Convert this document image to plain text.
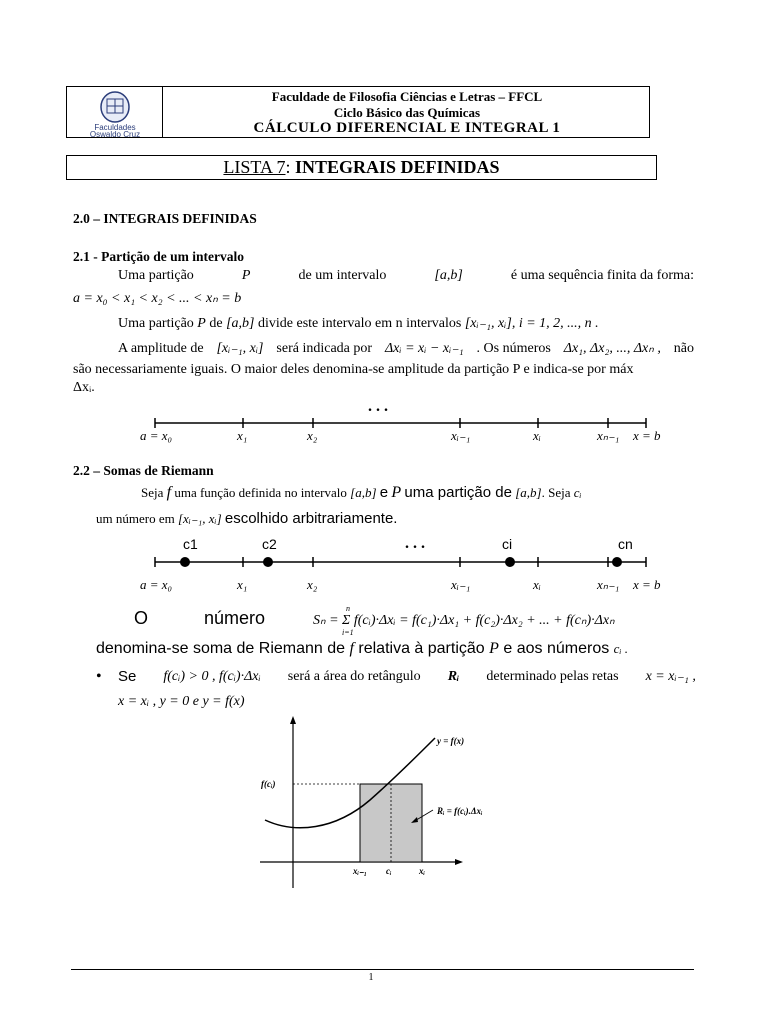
Faculdades
Oswaldo Cruz
Faculdade de Filosofia Ciências e Letras – FFCL
Ciclo Básico das Químicas
CÁLCULO DIFERENCIAL E INTEGRAL 1
LISTA 7: INTEGRAIS DEFINIDAS
2.0 – INTEGRAIS DEFINIDAS
2.1 - Partição de um intervalo
Uma partição	P	de um intervalo	[a,b]	é uma sequência finita da forma:
a = x₀ < x₁ < x₂ < ... < xₙ = b
Uma partição P de [a,b] divide este intervalo em n intervalos [xᵢ₋₁, xᵢ], i = 1, 2, ..., n .
A amplitude de [xᵢ₋₁, xᵢ] será indicada por Δxᵢ = xᵢ − xᵢ₋₁ . Os números Δx₁, Δx₂, ..., Δxₙ , não
são necessariamente iguais. O maior deles denomina-se amplitude da partição P e indica-se por máx
Δxᵢ.
. . .
a = x₀	x₁	x₂	xᵢ₋₁	xᵢ	xₙ₋₁ x = b
2.2 – Somas de Riemann
Seja f uma função definida no intervalo [a,b] e P uma partição de [a,b]. Seja cᵢ
um número em [xᵢ₋₁, xᵢ] escolhido arbitrariamente.
c1	c2	. . .	ci	cn
a = x₀	x₁	x₂	xᵢ₋₁	xᵢ	xₙ₋₁ x = b
O	número	n
i=1
Sₙ = Σ f(cᵢ)·Δxᵢ = f(c₁)·Δx₁ + f(c₂)·Δx₂ + ... + f(cₙ)·Δxₙ
denomina-se soma de Riemann de f relativa à partição P e aos números cᵢ .
• Se f(cᵢ) > 0 , f(cᵢ)·Δxᵢ será a área do retângulo Rᵢ determinado pelas retas x = xᵢ₋₁ ,
x = xᵢ , y = 0 e y = f(x)
y = f(x)
f(cᵢ)
Rᵢ = f(cᵢ).Δxᵢ
xᵢ₋₁ cᵢ	xᵢ
1
